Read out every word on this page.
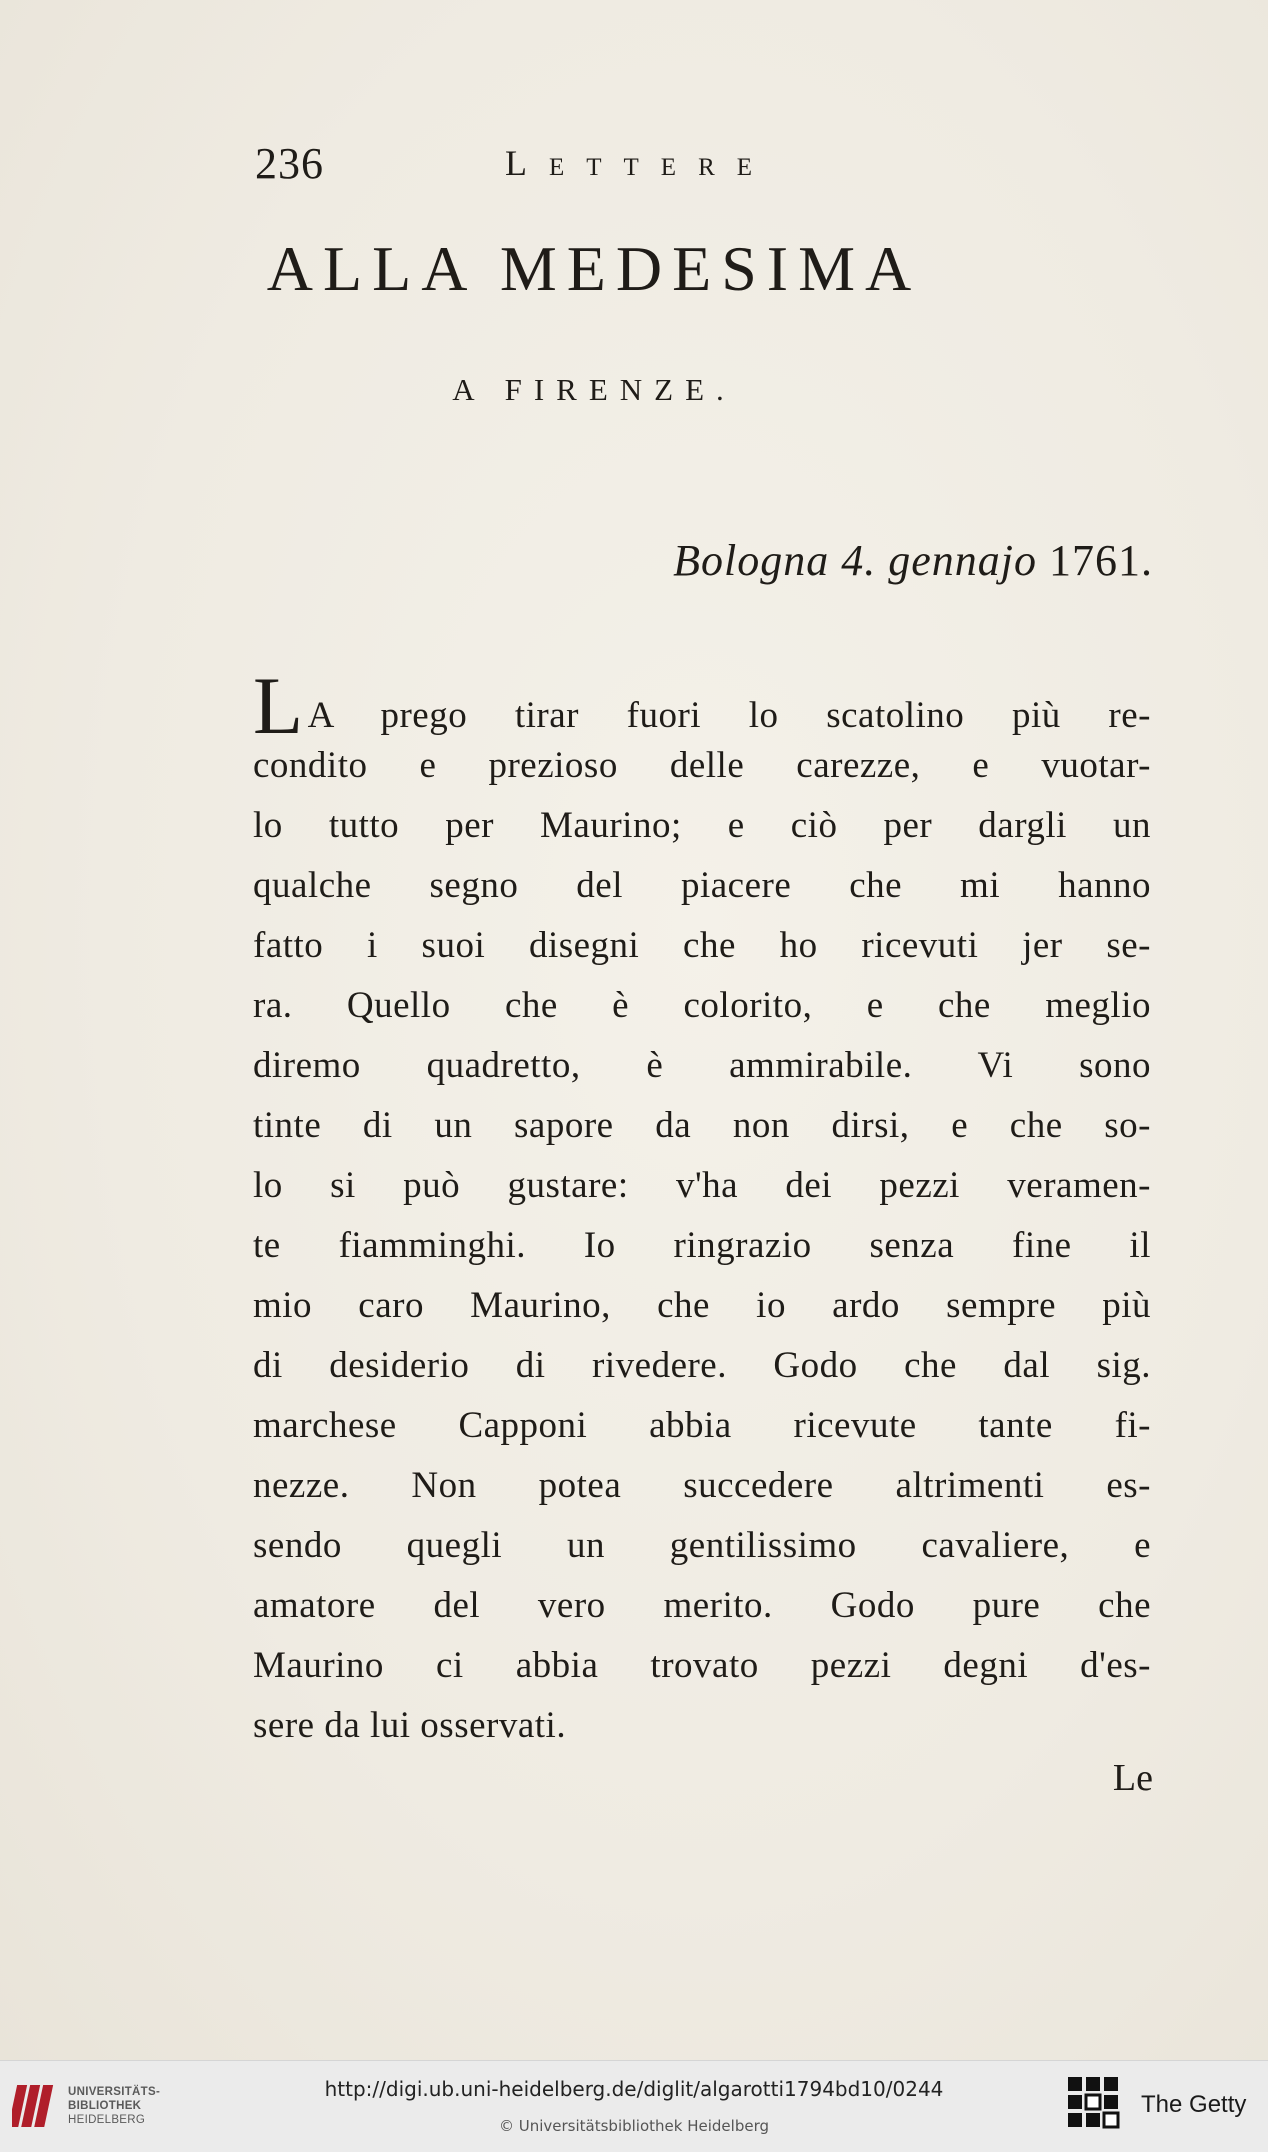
236	Lettere
ALLA MEDESIMA
A FIRENZE.
Bologna 4. gennajo 1761.
L A prego tirar fuori lo scatolino più re-
condito e prezioso delle carezze, e vuotar-
lo tutto per Maurino; e ciò per dargli un
qualche segno del piacere che mi hanno
fatto i suoi disegni che ho ricevuti jer se-
ra. Quello che è colorito, e che meglio
diremo quadretto, è ammirabile. Vi sono
tinte di un sapore da non dirsi, e che so-
lo si può gustare: v'ha dei pezzi veramen-
te fiamminghi. Io ringrazio senza fine il
mio caro Maurino, che io ardo sempre più
di desiderio di rivedere. Godo che dal sig.
marchese Capponi abbia ricevute tante fi-
nezze. Non potea succedere altrimenti es-
sendo quegli un gentilissimo cavaliere, e
amatore del vero merito. Godo pure che
Maurino ci abbia trovato pezzi degni d'es-
sere da lui osservati.
Le
UNIVERSITÄTS-
BIBLIOTHEK
HEIDELBERG
http://digi.ub.uni-heidelberg.de/diglit/algarotti1794bd10/0244
© Universitätsbibliothek Heidelberg
The Getty
